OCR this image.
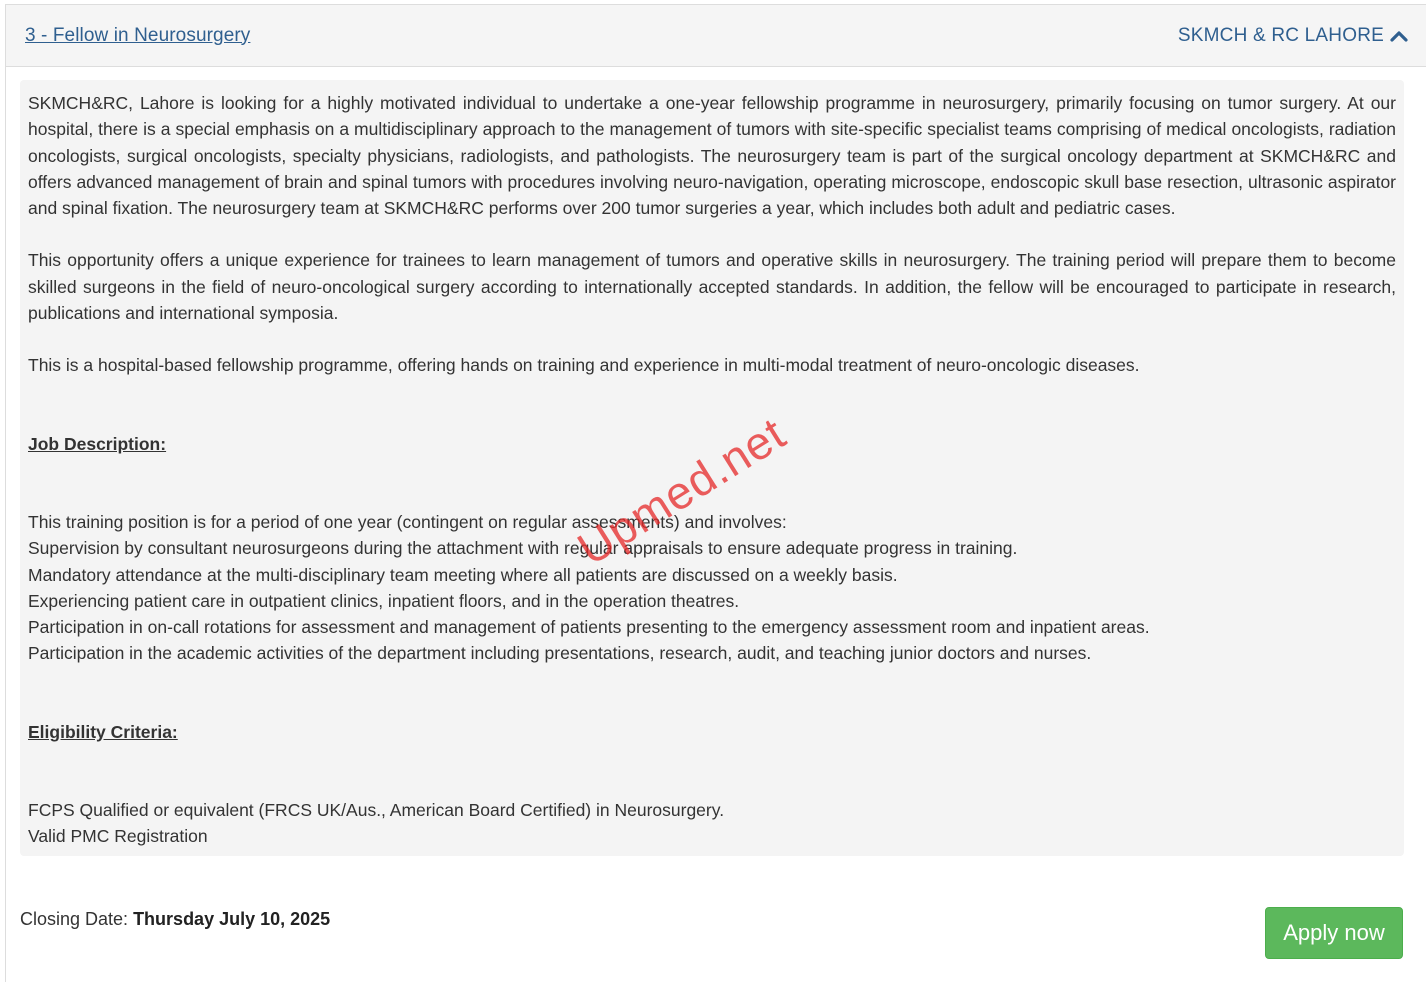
3 - Fellow in Neurosurgery	SKMCH & RC LAHORE

SKMCH&RC, Lahore is looking for a highly motivated individual to undertake a one-year fellowship programme in neurosurgery, primarily focusing on tumor surgery. At our hospital, there is a special emphasis on a multidisciplinary approach to the management of tumors with site-specific specialist teams comprising of medical oncologists, radiation oncologists, surgical oncologists, specialty physicians, radiologists, and pathologists. The neurosurgery team is part of the surgical oncology department at SKMCH&RC and offers advanced management of brain and spinal tumors with procedures involving neuro-navigation, operating microscope, endoscopic skull base resection, ultrasonic aspirator and spinal fixation. The neurosurgery team at SKMCH&RC performs over 200 tumor surgeries a year, which includes both adult and pediatric cases.

This opportunity offers a unique experience for trainees to learn management of tumors and operative skills in neurosurgery. The training period will prepare them to become skilled surgeons in the field of neuro-oncological surgery according to internationally accepted standards. In addition, the fellow will be encouraged to participate in research, publications and international symposia.

This is a hospital-based fellowship programme, offering hands on training and experience in multi-modal treatment of neuro-oncologic diseases.

Job Description:
This training position is for a period of one year (contingent on regular assessments) and involves:
Supervision by consultant neurosurgeons during the attachment with regular appraisals to ensure adequate progress in training.
Mandatory attendance at the multi-disciplinary team meeting where all patients are discussed on a weekly basis.
Experiencing patient care in outpatient clinics, inpatient floors, and in the operation theatres.
Participation in on-call rotations for assessment and management of patients presenting to the emergency assessment room and inpatient areas.
Participation in the academic activities of the department including presentations, research, audit, and teaching junior doctors and nurses.
Eligibility Criteria:
FCPS Qualified or equivalent (FRCS UK/Aus., American Board Certified) in Neurosurgery.
Valid PMC Registration
Upmed.net
Closing Date: Thursday July 10, 2025
Apply now
